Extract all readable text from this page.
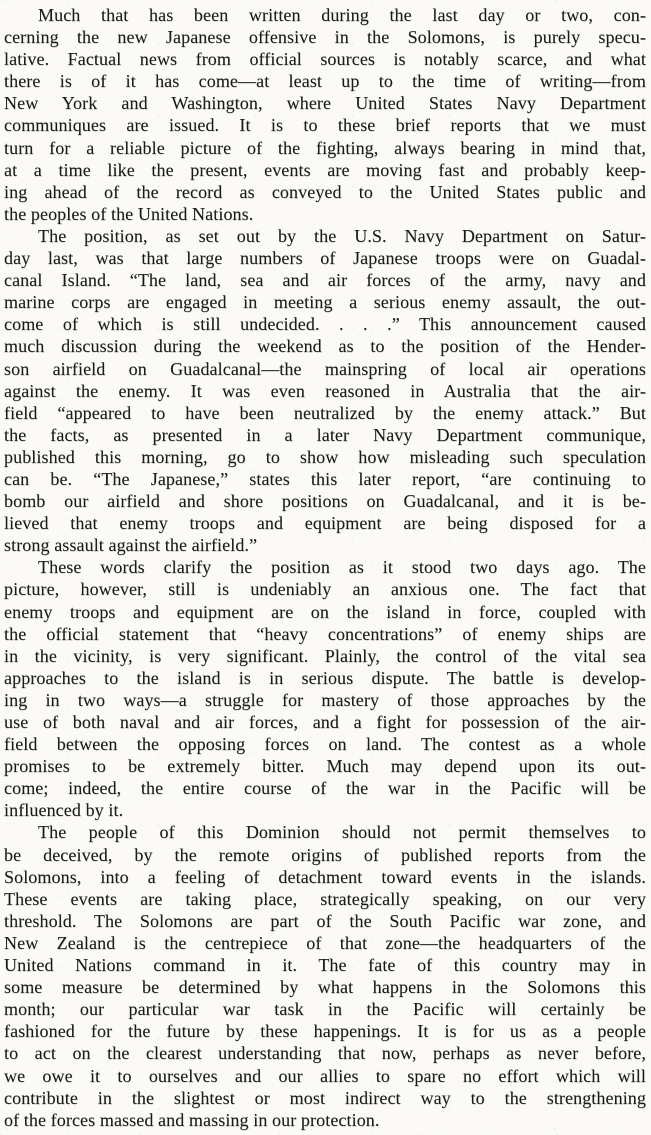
Much that has been written during the last day or two, con-
cerning the new Japanese offensive in the Solomons, is purely specu-
lative. Factual news from official sources is notably scarce, and what
there is of it has come—at least up to the time of writing—from
New York and Washington, where United States Navy Department
communiques are issued. It is to these brief reports that we must
turn for a reliable picture of the fighting, always bearing in mind that,
at a time like the present, events are moving fast and probably keep-
ing ahead of the record as conveyed to the United States public and
the peoples of the United Nations.
The position, as set out by the U.S. Navy Department on Satur-
day last, was that large numbers of Japanese troops were on Guadal-
canal Island. “The land, sea and air forces of the army, navy and
marine corps are engaged in meeting a serious enemy assault, the out-
come of which is still undecided. . . .” This announcement caused
much discussion during the weekend as to the position of the Hender-
son airfield on Guadalcanal—the mainspring of local air operations
against the enemy. It was even reasoned in Australia that the air-
field “appeared to have been neutralized by the enemy attack.” But
the facts, as presented in a later Navy Department communique,
published this morning, go to show how misleading such speculation
can be. “The Japanese,” states this later report, “are continuing to
bomb our airfield and shore positions on Guadalcanal, and it is be-
lieved that enemy troops and equipment are being disposed for a
strong assault against the airfield.”
These words clarify the position as it stood two days ago. The
picture, however, still is undeniably an anxious one. The fact that
enemy troops and equipment are on the island in force, coupled with
the official statement that “heavy concentrations” of enemy ships are
in the vicinity, is very significant. Plainly, the control of the vital sea
approaches to the island is in serious dispute. The battle is develop-
ing in two ways—a struggle for mastery of those approaches by the
use of both naval and air forces, and a fight for possession of the air-
field between the opposing forces on land. The contest as a whole
promises to be extremely bitter. Much may depend upon its out-
come; indeed, the entire course of the war in the Pacific will be
influenced by it.
The people of this Dominion should not permit themselves to
be deceived, by the remote origins of published reports from the
Solomons, into a feeling of detachment toward events in the islands.
These events are taking place, strategically speaking, on our very
threshold. The Solomons are part of the South Pacific war zone, and
New Zealand is the centrepiece of that zone—the headquarters of the
United Nations command in it. The fate of this country may in
some measure be determined by what happens in the Solomons this
month; our particular war task in the Pacific will certainly be
fashioned for the future by these happenings. It is for us as a people
to act on the clearest understanding that now, perhaps as never before,
we owe it to ourselves and our allies to spare no effort which will
contribute in the slightest or most indirect way to the strengthening
of the forces massed and massing in our protection.
